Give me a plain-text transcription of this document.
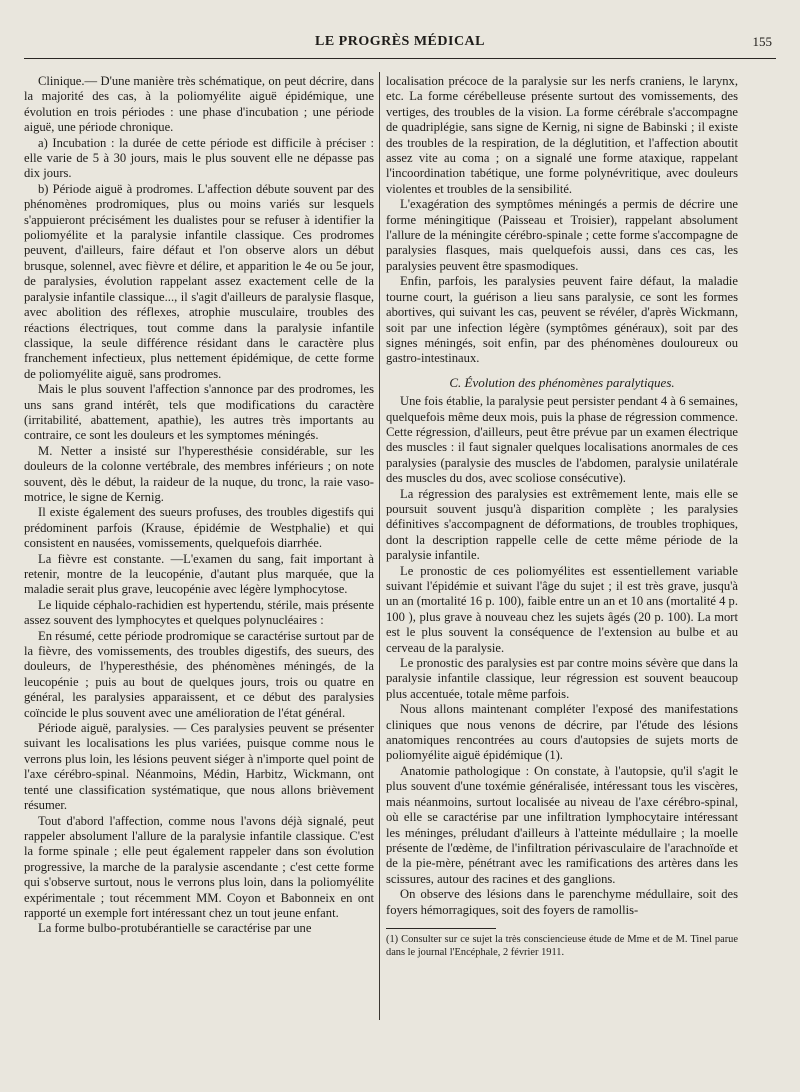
LE PROGRÈS MÉDICAL	155

Clinique.— D'une manière très schématique, on peut décrire, dans la majorité des cas, à la poliomyélite aiguë épidémique, une évolution en trois périodes : une phase d'incubation ; une période aiguë, une période chronique.

a) Incubation : la durée de cette période est difficile à préciser : elle varie de 5 à 30 jours, mais le plus souvent elle ne dépasse pas dix jours.

b) Période aiguë à prodromes. L'affection débute souvent par des phénomènes prodromiques, plus ou moins variés sur lesquels s'appuieront précisément les dualistes pour se refuser à identifier la poliomyélite et la paralysie infantile classique. Ces prodromes peuvent, d'ailleurs, faire défaut et l'on observe alors un début brusque, solennel, avec fièvre et délire, et apparition le 4e ou 5e jour, de paralysies, évolution rappelant assez exactement celle de la paralysie infantile classique..., il s'agit d'ailleurs de paralysie flasque, avec abolition des réflexes, atrophie musculaire, troubles des réactions électriques, tout comme dans la paralysie infantile classique, la seule différence résidant dans le caractère plus franchement infectieux, plus nettement épidémique, de cette forme de poliomyélite aiguë, sans prodromes.

Mais le plus souvent l'affection s'annonce par des prodromes, les uns sans grand intérêt, tels que modifications du caractère (irritabilité, abattement, apathie), les autres très importants au contraire, ce sont les douleurs et les symptomes méningés.

M. Netter a insisté sur l'hyperesthésie considérable, sur les douleurs de la colonne vertébrale, des membres inférieurs ; on note souvent, dès le début, la raideur de la nuque, du tronc, la raie vaso-motrice, le signe de Kernig.

Il existe également des sueurs profuses, des troubles digestifs qui prédominent parfois (Krause, épidémie de Westphalie) et qui consistent en nausées, vomissements, quelquefois diarrhée.

La fièvre est constante. —L'examen du sang, fait important à retenir, montre de la leucopénie, d'autant plus marquée, que la maladie serait plus grave, leucopénie avec légère lymphocytose.

Le liquide céphalo-rachidien est hypertendu, stérile, mais présente assez souvent des lymphocytes et quelques polynucléaires :

En résumé, cette période prodromique se caractérise surtout par de la fièvre, des vomissements, des troubles digestifs, des sueurs, des douleurs, de l'hyperesthésie, des phénomènes méningés, de la leucopénie ; puis au bout de quelques jours, trois ou quatre en général, les paralysies apparaissent, et ce début des paralysies coïncide le plus souvent avec une amélioration de l'état général.

Période aiguë, paralysies. — Ces paralysies peuvent se présenter suivant les localisations les plus variées, puisque comme nous le verrons plus loin, les lésions peuvent siéger à n'importe quel point de l'axe cérébro-spinal. Néanmoins, Médin, Harbitz, Wickmann, ont tenté une classification systématique, que nous allons brièvement résumer.

Tout d'abord l'affection, comme nous l'avons déjà signalé, peut rappeler absolument l'allure de la paralysie infantile classique. C'est la forme spinale ; elle peut également rappeler dans son évolution progressive, la marche de la paralysie ascendante ; c'est cette forme qui s'observe surtout, nous le verrons plus loin, dans la poliomyélite expérimentale ; tout récemment MM. Coyon et Babonneix en ont rapporté un exemple fort intéressant chez un tout jeune enfant.

La forme bulbo-protubérantielle se caractérise par une

localisation précoce de la paralysie sur les nerfs craniens, le larynx, etc. La forme cérébelleuse présente surtout des vomissements, des vertiges, des troubles de la vision. La forme cérébrale s'accompagne de quadriplégie, sans signe de Kernig, ni signe de Babinski ; il existe des troubles de la respiration, de la déglutition, et l'affection aboutit assez vite au coma ; on a signalé une forme ataxique, rappelant l'incoordination tabétique, une forme polynévritique, avec douleurs violentes et troubles de la sensibilité.

L'exagération des symptômes méningés a permis de décrire une forme méningitique (Paisseau et Troisier), rappelant absolument l'allure de la méningite cérébro-spinale ; cette forme s'accompagne de paralysies flasques, mais quelquefois aussi, dans ces cas, les paralysies peuvent être spasmodiques.

Enfin, parfois, les paralysies peuvent faire défaut, la maladie tourne court, la guérison a lieu sans paralysie, ce sont les formes abortives, qui suivant les cas, peuvent se révéler, d'après Wickmann, soit par une infection légère (symptômes généraux), soit par des signes méningés, soit enfin, par des phénomènes douloureux ou gastro-intestinaux.

C. Évolution des phénomènes paralytiques.

Une fois établie, la paralysie peut persister pendant 4 à 6 semaines, quelquefois même deux mois, puis la phase de régression commence. Cette régression, d'ailleurs, peut être prévue par un examen électrique des muscles : il faut signaler quelques localisations anormales de ces paralysies (paralysie des muscles de l'abdomen, paralysie unilatérale des muscles du dos, avec scoliose consécutive).

La régression des paralysies est extrêmement lente, mais elle se poursuit souvent jusqu'à disparition complète ; les paralysies définitives s'accompagnent de déformations, de troubles trophiques, dont la description rappelle celle de cette même période de la paralysie infantile.

Le pronostic de ces poliomyélites est essentiellement variable suivant l'épidémie et suivant l'âge du sujet ; il est très grave, jusqu'à un an (mortalité 16 p. 100), faible entre un an et 10 ans (mortalité 4 p. 100 ), plus grave à nouveau chez les sujets âgés (20 p. 100). La mort est le plus souvent la conséquence de l'extension au bulbe et au cerveau de la paralysie.

Le pronostic des paralysies est par contre moins sévère que dans la paralysie infantile classique, leur régression est souvent beaucoup plus accentuée, totale même parfois.

Nous allons maintenant compléter l'exposé des manifestations cliniques que nous venons de décrire, par l'étude des lésions anatomiques rencontrées au cours d'autopsies de sujets morts de poliomyélite aiguë épidémique (1).

Anatomie pathologique : On constate, à l'autopsie, qu'il s'agit le plus souvent d'une toxémie généralisée, intéressant tous les viscères, mais néanmoins, surtout localisée au niveau de l'axe cérébro-spinal, où elle se caractérise par une infiltration lymphocytaire intéressant les méninges, préludant d'ailleurs à l'atteinte médullaire ; la moelle présente de l'œdème, de l'infiltration périvasculaire de l'arachnoïde et de la pie-mère, pénétrant avec les ramifications des artères dans les scissures, autour des racines et des ganglions.

On observe des lésions dans le parenchyme médullaire, soit des foyers hémorragiques, soit des foyers de ramollis-

(1) Consulter sur ce sujet la très consciencieuse étude de Mme et de M. Tinel parue dans le journal l'Encéphale, 2 février 1911.
